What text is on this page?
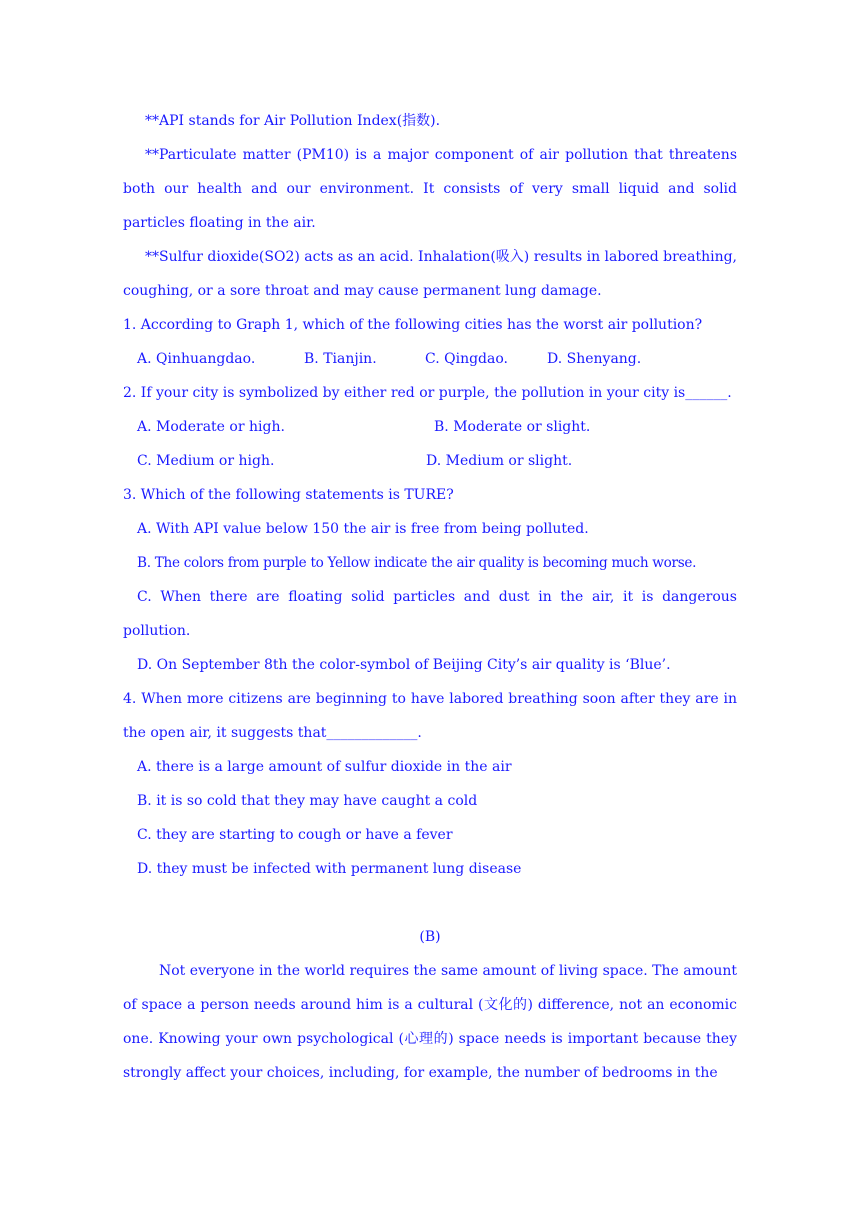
**API stands for Air Pollution Index(指数).

**Particulate matter (PM10) is a major component of air pollution that threatens both our health and our environment. It consists of very small liquid and solid particles floating in the air.

**Sulfur dioxide(SO2) acts as an acid. Inhalation(吸入) results in labored breathing, coughing, or a sore throat and may cause permanent lung damage.

1. According to Graph 1, which of the following cities has the worst air pollution?

A. Qinhuangdao.	B. Tianjin.	C. Qingdao.	D. Shenyang.

2. If your city is symbolized by either red or purple, the pollution in your city is______.

A. Moderate or high.	B. Moderate or slight.
C. Medium or high.	D. Medium or slight.

3. Which of the following statements is TURE?

A. With API value below 150 the air is free from being polluted.

B. The colors from purple to Yellow indicate the air quality is becoming much worse.

C. When there are floating solid particles and dust in the air, it is dangerous pollution.

D. On September 8th the color-symbol of Beijing City’s air quality is ‘Blue’.

4. When more citizens are beginning to have labored breathing soon after they are in the open air, it suggests that_____________.

A. there is a large amount of sulfur dioxide in the air

B. it is so cold that they may have caught a cold

C. they are starting to cough or have a fever

D. they must be infected with permanent lung disease

(B)

Not everyone in the world requires the same amount of living space. The amount of space a person needs around him is a cultural (文化的) difference, not an economic one. Knowing your own psychological (心理的) space needs is important because they strongly affect your choices, including, for example, the number of bedrooms in the
